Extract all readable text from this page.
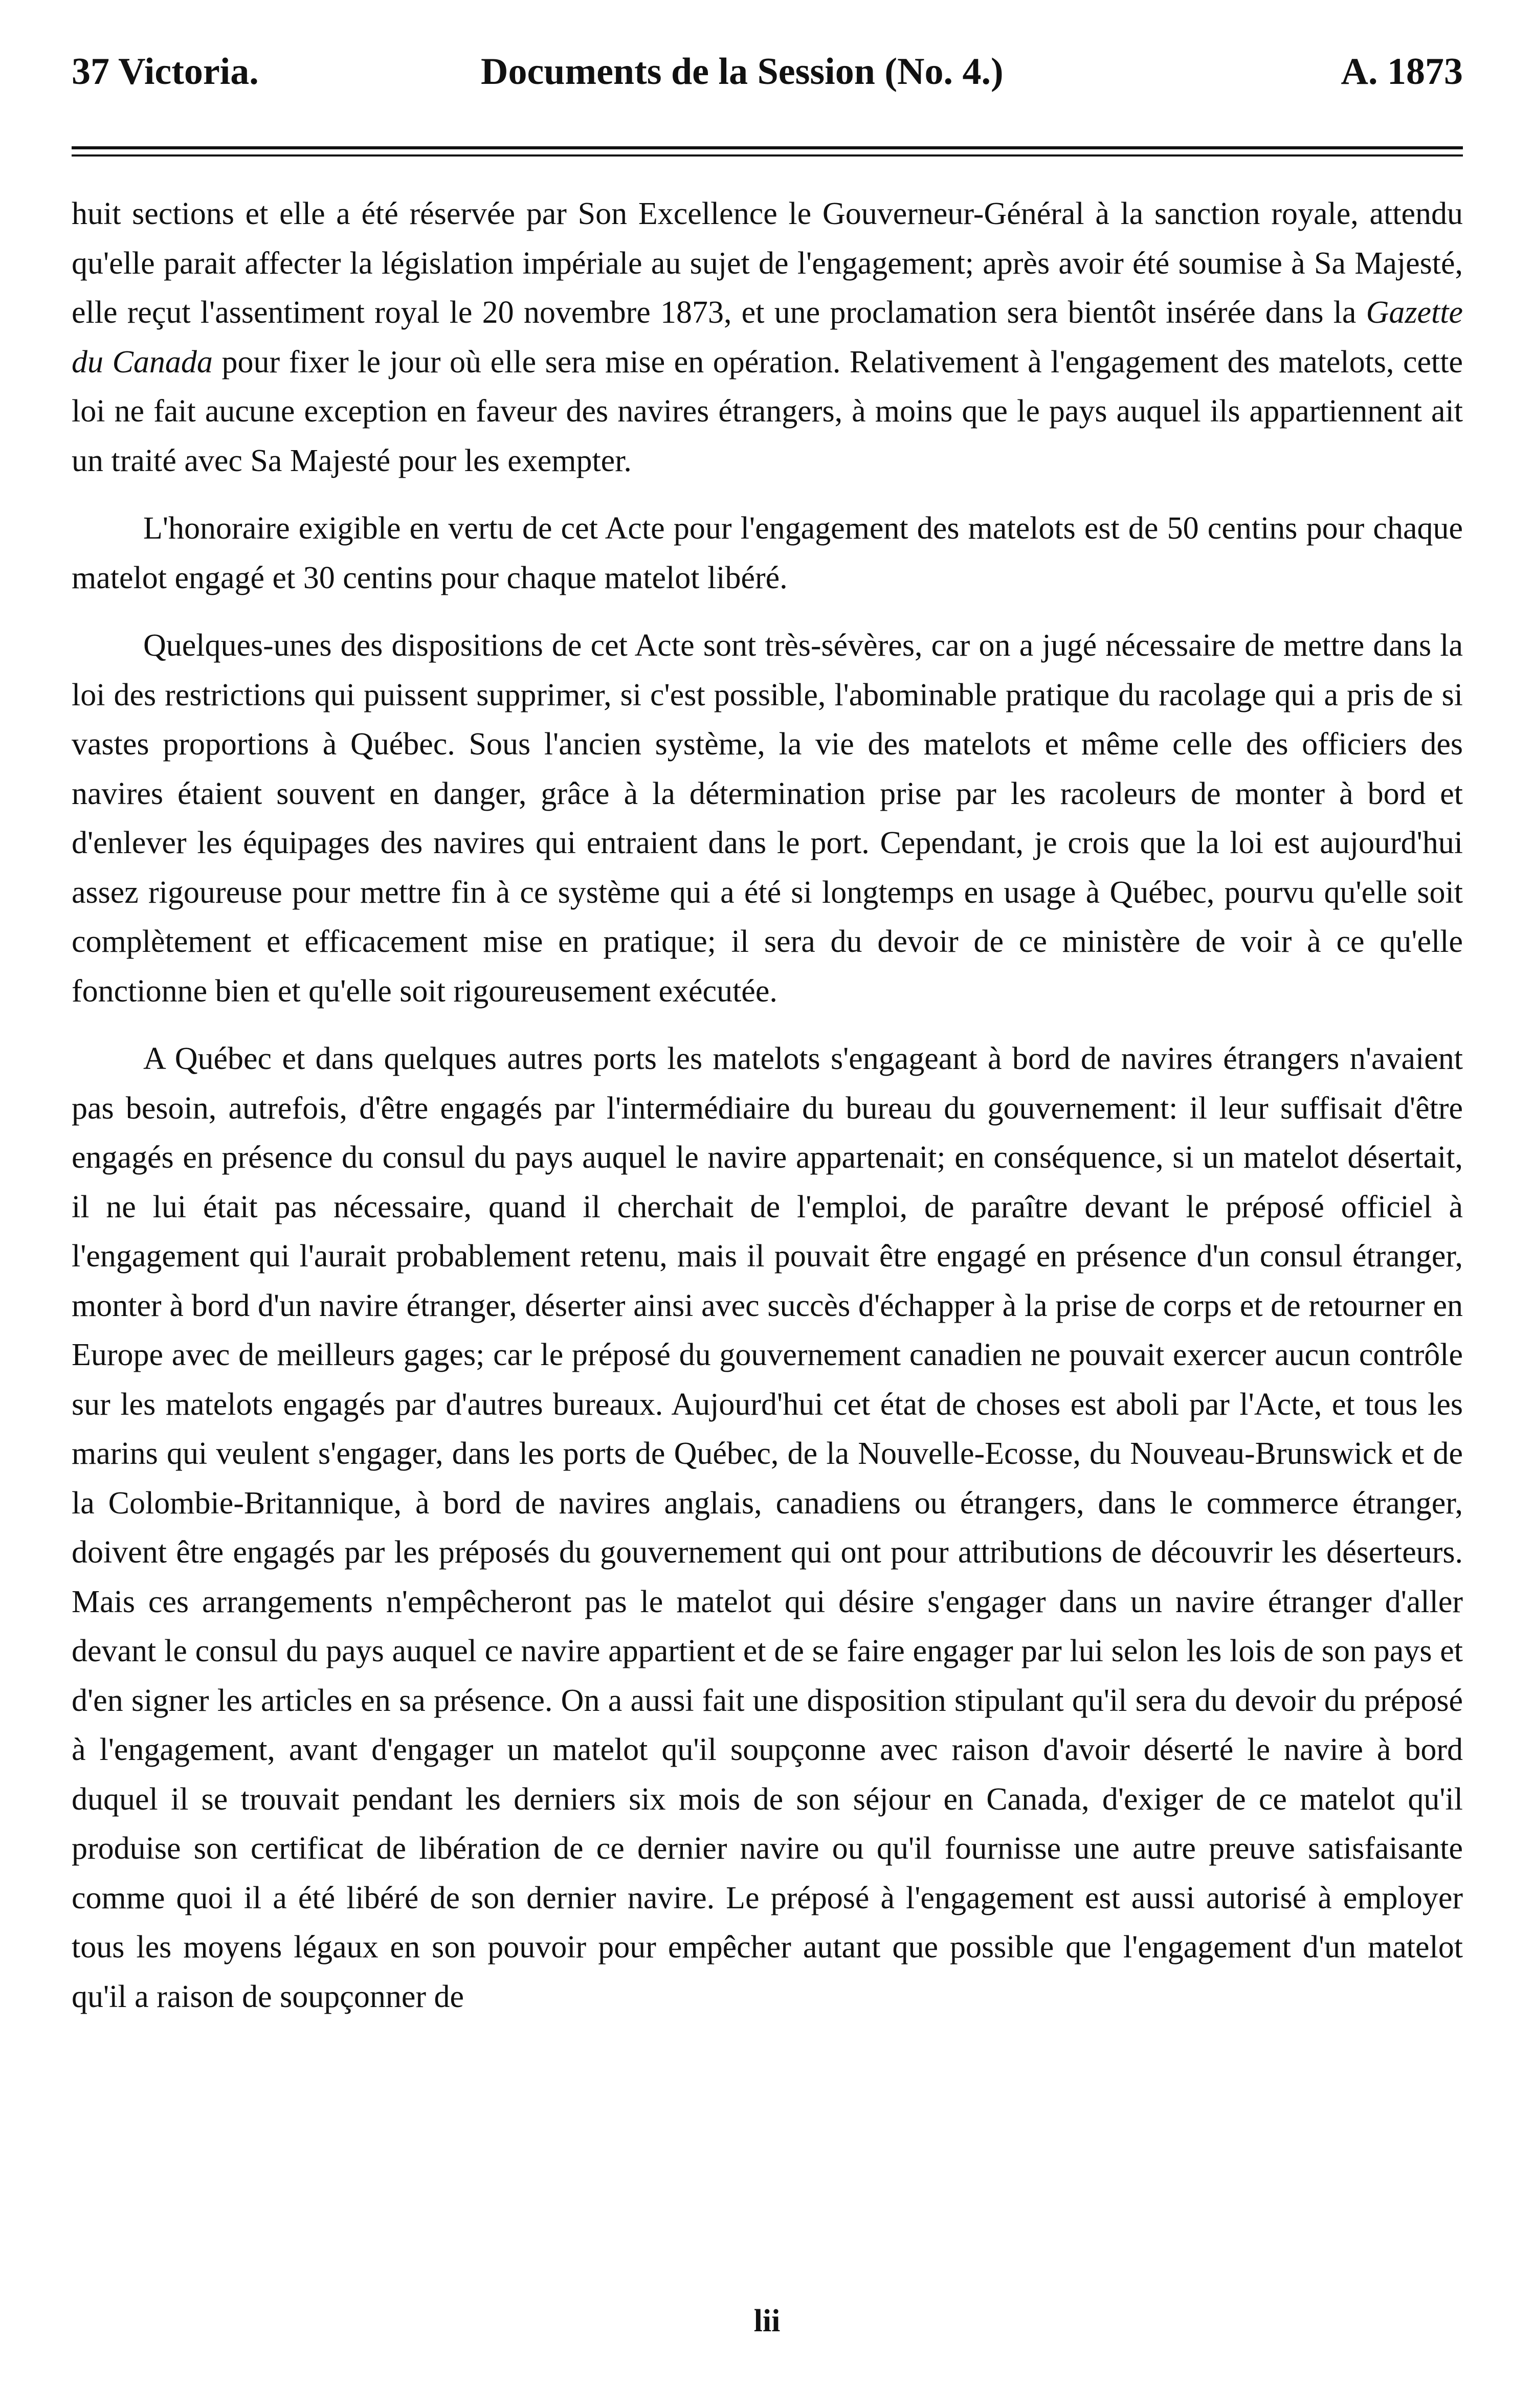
37 Victoria.	Documents de la Session (No. 4.)	A. 1873

huit sections et elle a été réservée par Son Excellence le Gouverneur-Général à la sanction royale, attendu qu'elle parait affecter la législation impériale au sujet de l'engagement; après avoir été soumise à Sa Majesté, elle reçut l'assentiment royal le 20 novembre 1873, et une proclamation sera bientôt insérée dans la Gazette du Canada pour fixer le jour où elle sera mise en opération. Relativement à l'engagement des matelots, cette loi ne fait aucune exception en faveur des navires étrangers, à moins que le pays auquel ils appartiennent ait un traité avec Sa Majesté pour les exempter.

L'honoraire exigible en vertu de cet Acte pour l'engagement des matelots est de 50 centins pour chaque matelot engagé et 30 centins pour chaque matelot libéré.

Quelques-unes des dispositions de cet Acte sont très-sévères, car on a jugé nécessaire de mettre dans la loi des restrictions qui puissent supprimer, si c'est possible, l'abominable pratique du racolage qui a pris de si vastes proportions à Québec. Sous l'ancien système, la vie des matelots et même celle des officiers des navires étaient souvent en danger, grâce à la détermination prise par les racoleurs de monter à bord et d'enlever les équipages des navires qui entraient dans le port. Cependant, je crois que la loi est aujourd'hui assez rigoureuse pour mettre fin à ce système qui a été si longtemps en usage à Québec, pourvu qu'elle soit complètement et efficacement mise en pratique; il sera du devoir de ce ministère de voir à ce qu'elle fonctionne bien et qu'elle soit rigoureusement exécutée.

A Québec et dans quelques autres ports les matelots s'engageant à bord de navires étrangers n'avaient pas besoin, autrefois, d'être engagés par l'intermédiaire du bureau du gouvernement: il leur suffisait d'être engagés en présence du consul du pays auquel le navire appartenait; en conséquence, si un matelot désertait, il ne lui était pas nécessaire, quand il cherchait de l'emploi, de paraître devant le préposé officiel à l'engagement qui l'aurait probablement retenu, mais il pouvait être engagé en présence d'un consul étranger, monter à bord d'un navire étranger, déserter ainsi avec succès d'échapper à la prise de corps et de retourner en Europe avec de meilleurs gages; car le préposé du gouvernement canadien ne pouvait exercer aucun contrôle sur les matelots engagés par d'autres bureaux. Aujourd'hui cet état de choses est aboli par l'Acte, et tous les marins qui veulent s'engager, dans les ports de Québec, de la Nouvelle-Ecosse, du Nouveau-Brunswick et de la Colombie-Britannique, à bord de navires anglais, canadiens ou étrangers, dans le commerce étranger, doivent être engagés par les préposés du gouvernement qui ont pour attributions de découvrir les déserteurs. Mais ces arrangements n'empêcheront pas le matelot qui désire s'engager dans un navire étranger d'aller devant le consul du pays auquel ce navire appartient et de se faire engager par lui selon les lois de son pays et d'en signer les articles en sa présence. On a aussi fait une disposition stipulant qu'il sera du devoir du préposé à l'engagement, avant d'engager un matelot qu'il soupçonne avec raison d'avoir déserté le navire à bord duquel il se trouvait pendant les derniers six mois de son séjour en Canada, d'exiger de ce matelot qu'il produise son certificat de libération de ce dernier navire ou qu'il fournisse une autre preuve satisfaisante comme quoi il a été libéré de son dernier navire. Le préposé à l'engagement est aussi autorisé à employer tous les moyens légaux en son pouvoir pour empêcher autant que possible que l'engagement d'un matelot qu'il a raison de soupçonner de

lii
